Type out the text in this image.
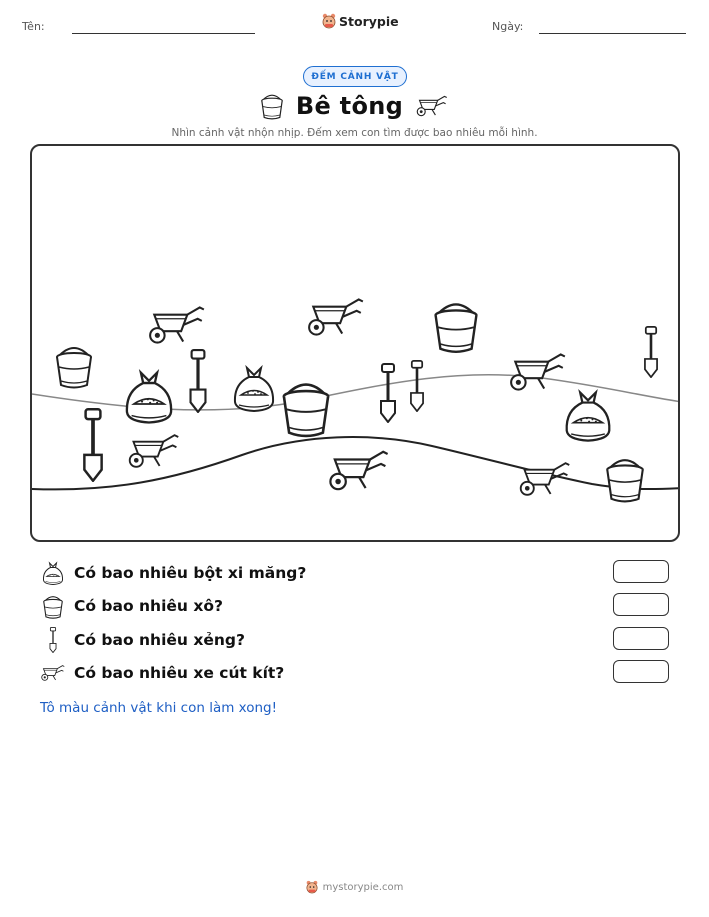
Tên:	Storypie	Ngày:
ĐẾM CẢNH VẬT
Bê tông
Nhìn cảnh vật nhộn nhịp. Đếm xem con tìm được bao nhiêu mỗi hình.
Có bao nhiêu bột xi măng?
Có bao nhiêu xô?
Có bao nhiêu xẻng?
Có bao nhiêu xe cút kít?
Tô màu cảnh vật khi con làm xong!
mystorypie.com
